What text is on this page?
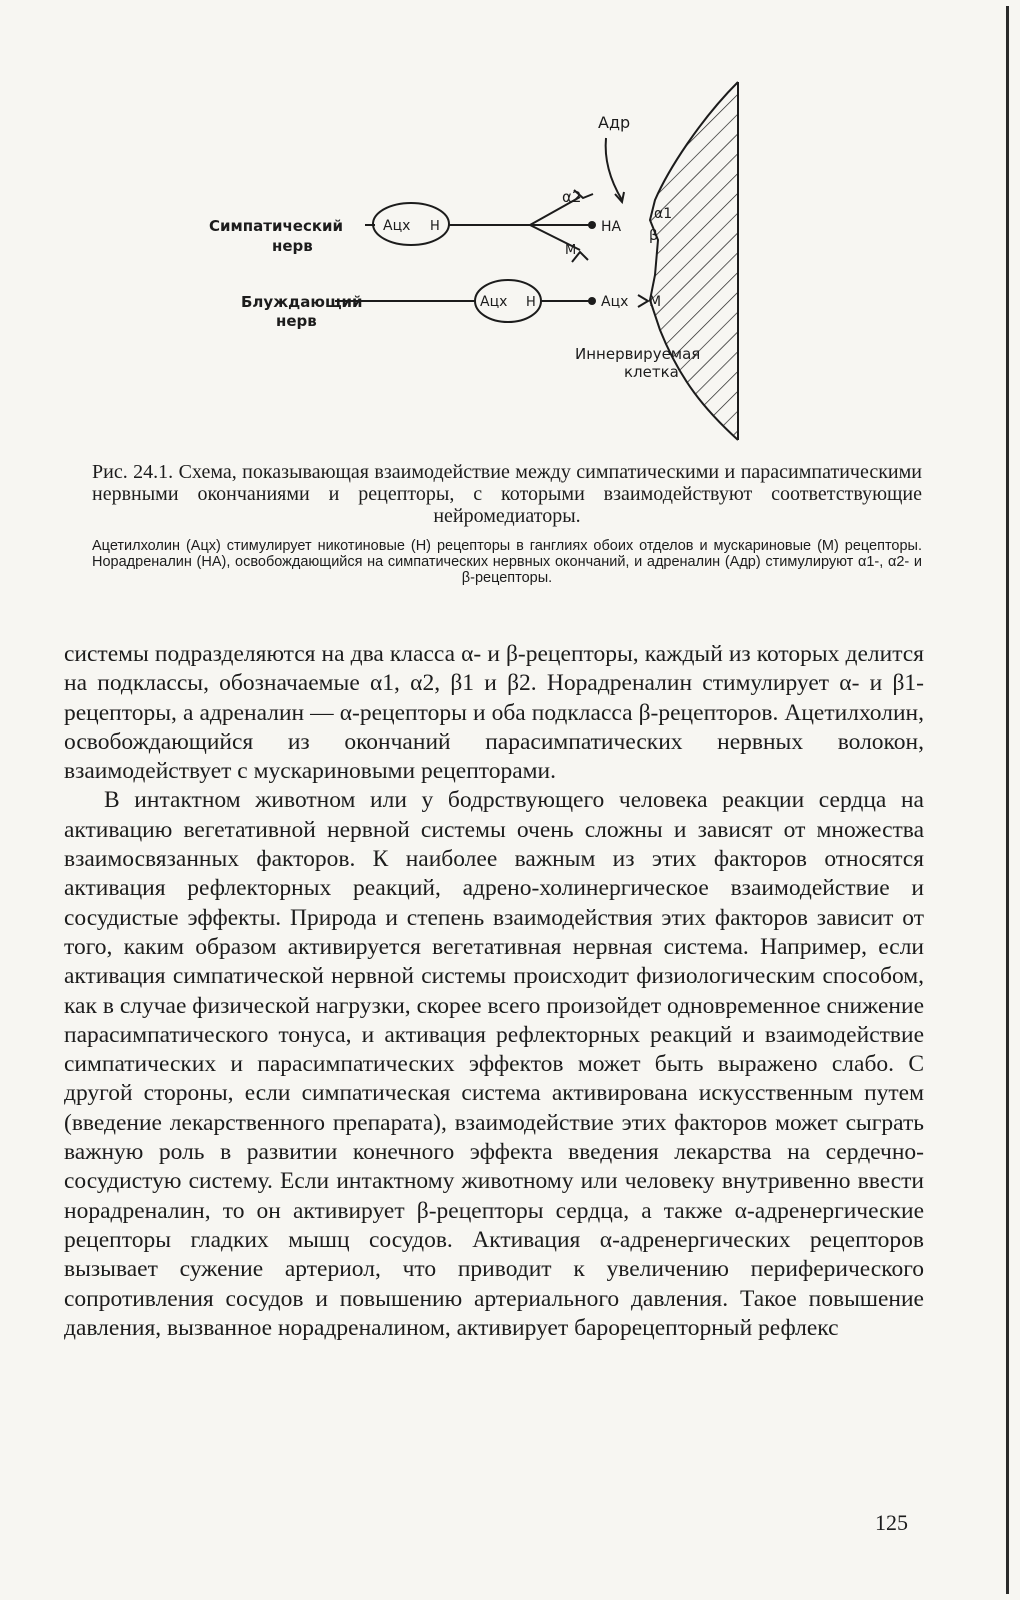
Адр
α2
НА
М
α1
β
Ацх Н
Ацх Н	Ацх М
Симпатический
нерв
Блуждающий
нерв
Иннервируемая
клетка
Рис. 24.1. Схема, показывающая взаимодействие между симпатическими и парасимпатическими нервными окончаниями и рецепторы, с которыми взаимодействуют соответствующие нейромедиаторы.
Ацетилхолин (Ацх) стимулирует никотиновые (Н) рецепторы в ганглиях обоих отделов и мускариновые (М) рецепторы. Норадреналин (НА), освобождающийся на симпатических нервных окончаний, и адреналин (Адр) стимулируют α1-, α2- и β-рецепторы.

системы подразделяются на два класса α- и β-рецепторы, каждый из которых делится на подклассы, обозначаемые α1, α2, β1 и β2. Норадреналин стимулирует α- и β1-рецепторы, а адреналин — α-рецепторы и оба подкласса β-рецепторов. Ацетилхолин, освобождающийся из окончаний парасимпатических нервных волокон, взаимодействует с мускариновыми рецепторами.

В интактном животном или у бодрствующего человека реакции сердца на активацию вегетативной нервной системы очень сложны и зависят от множества взаимосвязанных факторов. К наиболее важным из этих факторов относятся активация рефлекторных реакций, адрено-холинергическое взаимодействие и сосудистые эффекты. Природа и степень взаимодействия этих факторов зависит от того, каким образом активируется вегетативная нервная система. Например, если активация симпатической нервной системы происходит физиологическим способом, как в случае физической нагрузки, скорее всего произойдет одновременное снижение парасимпатического тонуса, и активация рефлекторных реакций и взаимодействие симпатических и парасимпатических эффектов может быть выражено слабо. С другой стороны, если симпатическая система активирована искусственным путем (введение лекарственного препарата), взаимодействие этих факторов может сыграть важную роль в развитии конечного эффекта введения лекарства на сердечно-сосудистую систему. Если интактному животному или человеку внутривенно ввести норадреналин, то он активирует β-рецепторы сердца, а также α-адренергические рецепторы гладких мышц сосудов. Активация α-адренергических рецепторов вызывает сужение артериол, что приводит к увеличению периферического сопротивления сосудов и повышению артериального давления. Такое повышение давления, вызванное норадреналином, активирует барорецепторный рефлекс

125
